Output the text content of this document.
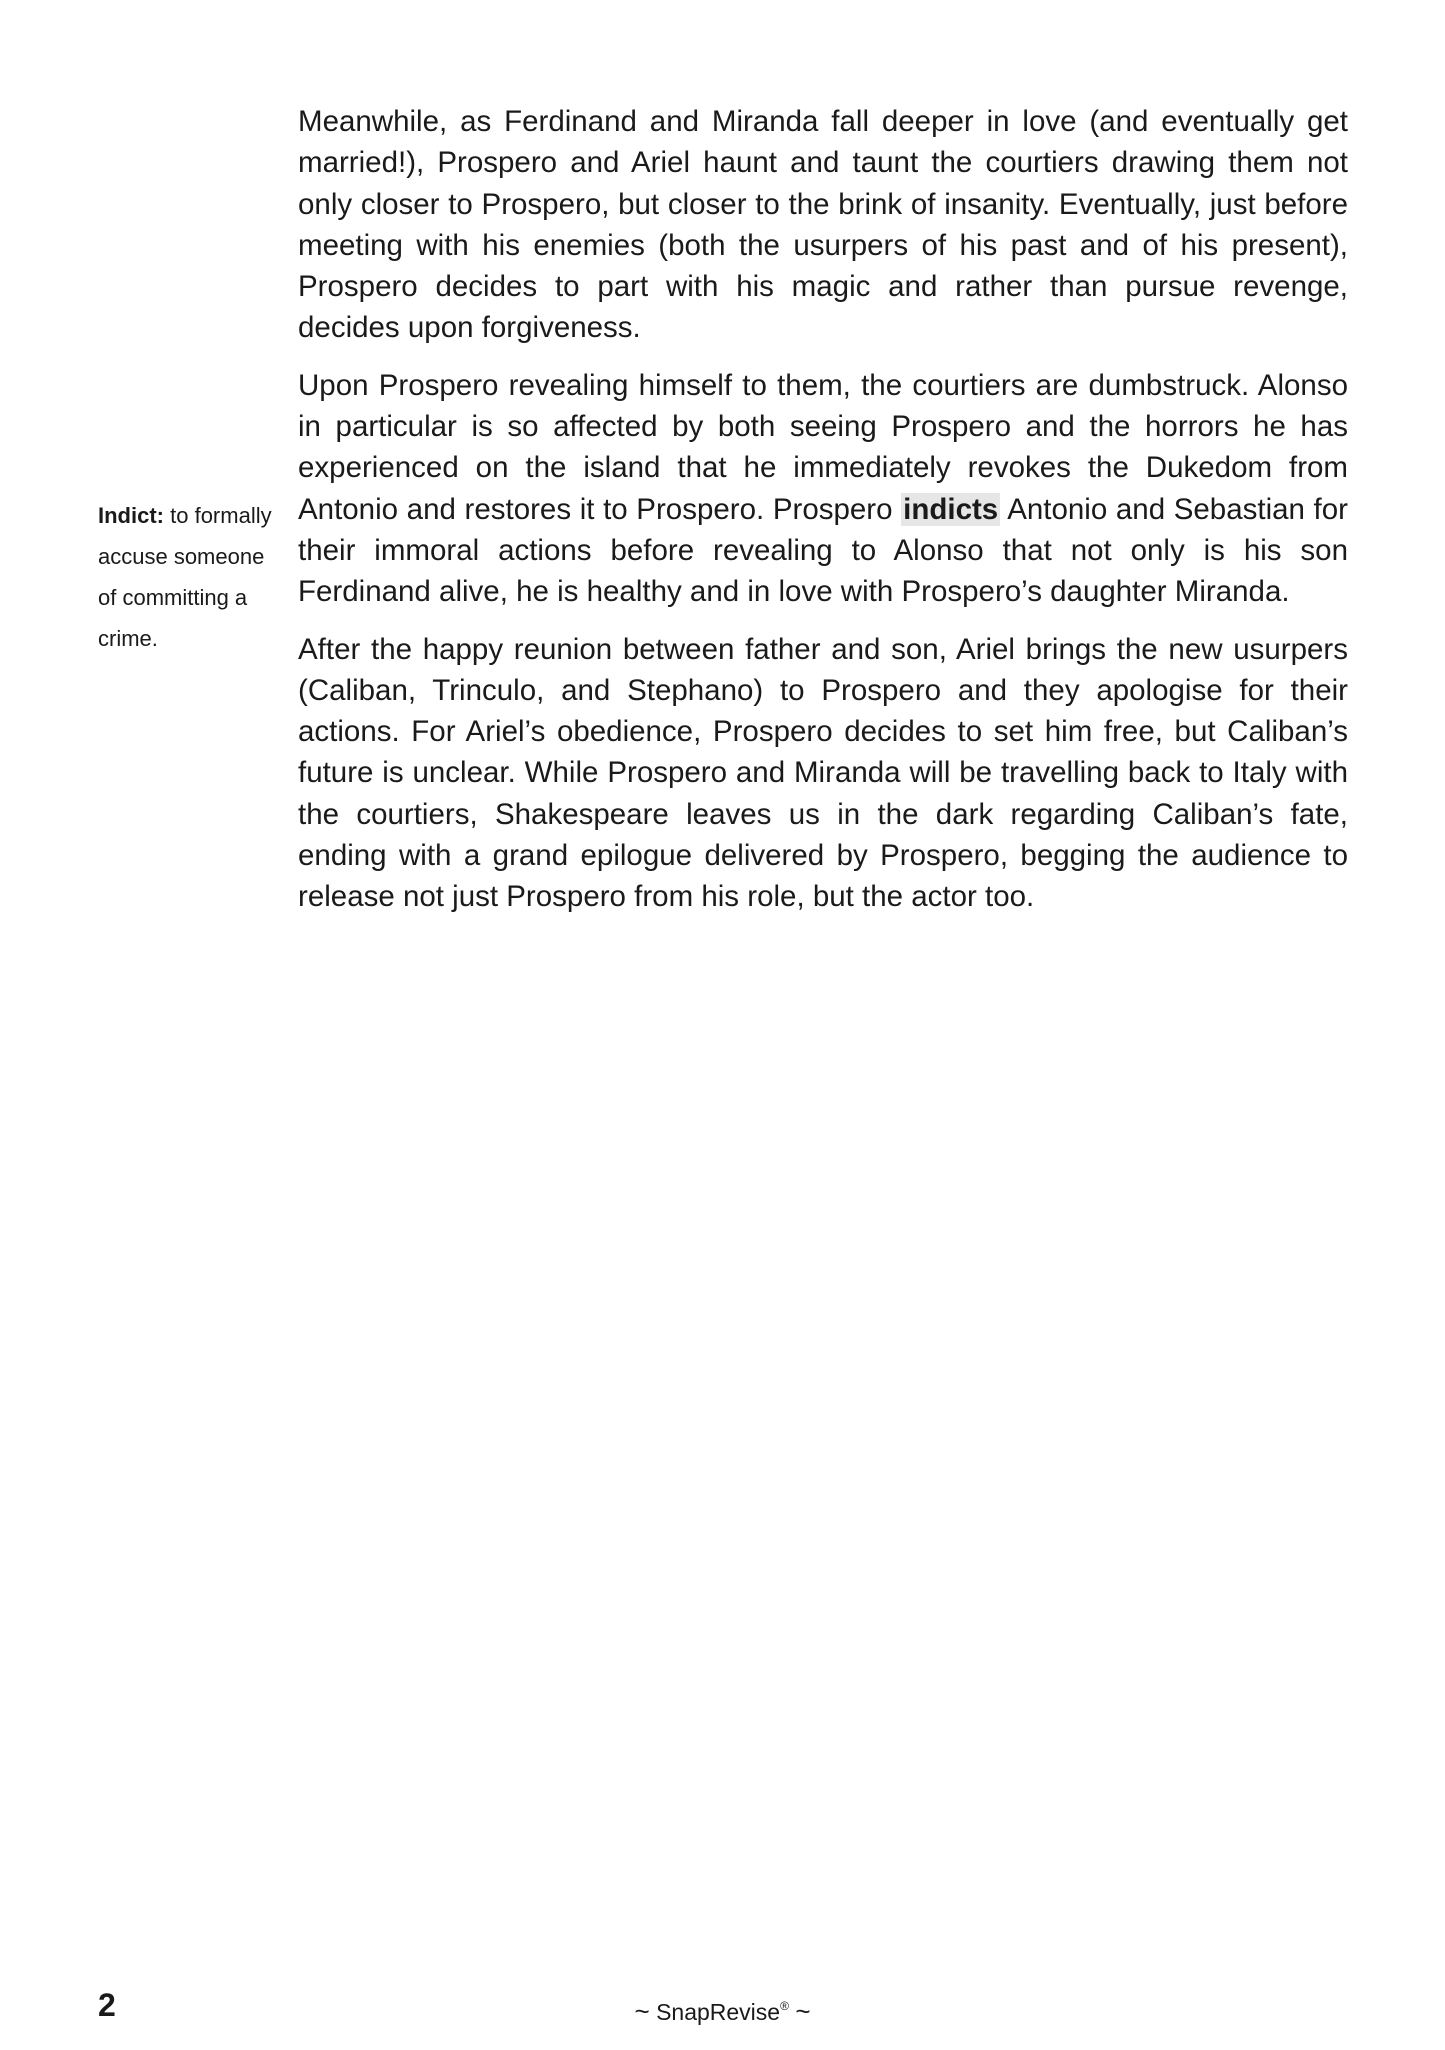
Indict: to formally accuse someone of committing a crime.

Meanwhile, as Ferdinand and Miranda fall deeper in love (and eventually get married!), Prospero and Ariel haunt and taunt the courtiers drawing them not only closer to Prospero, but closer to the brink of insanity. Eventually, just before meeting with his enemies (both the usurpers of his past and of his present), Prospero decides to part with his magic and rather than pursue revenge, decides upon forgiveness.

Upon Prospero revealing himself to them, the courtiers are dumbstruck. Alonso in particular is so affected by both seeing Prospero and the horrors he has experienced on the island that he immediately revokes the Dukedom from Antonio and restores it to Prospero. Prospero indicts Antonio and Sebastian for their immoral actions before revealing to Alonso that not only is his son Ferdinand alive, he is healthy and in love with Prospero’s daughter Miranda.

After the happy reunion between father and son, Ariel brings the new usurpers (Caliban, Trinculo, and Stephano) to Prospero and they apologise for their actions. For Ariel’s obedience, Prospero decides to set him free, but Caliban’s future is unclear. While Prospero and Miranda will be travelling back to Italy with the courtiers, Shakespeare leaves us in the dark regarding Caliban’s fate, ending with a grand epilogue delivered by Prospero, begging the audience to release not just Prospero from his role, but the actor too.

2	~ SnapRevise® ~
